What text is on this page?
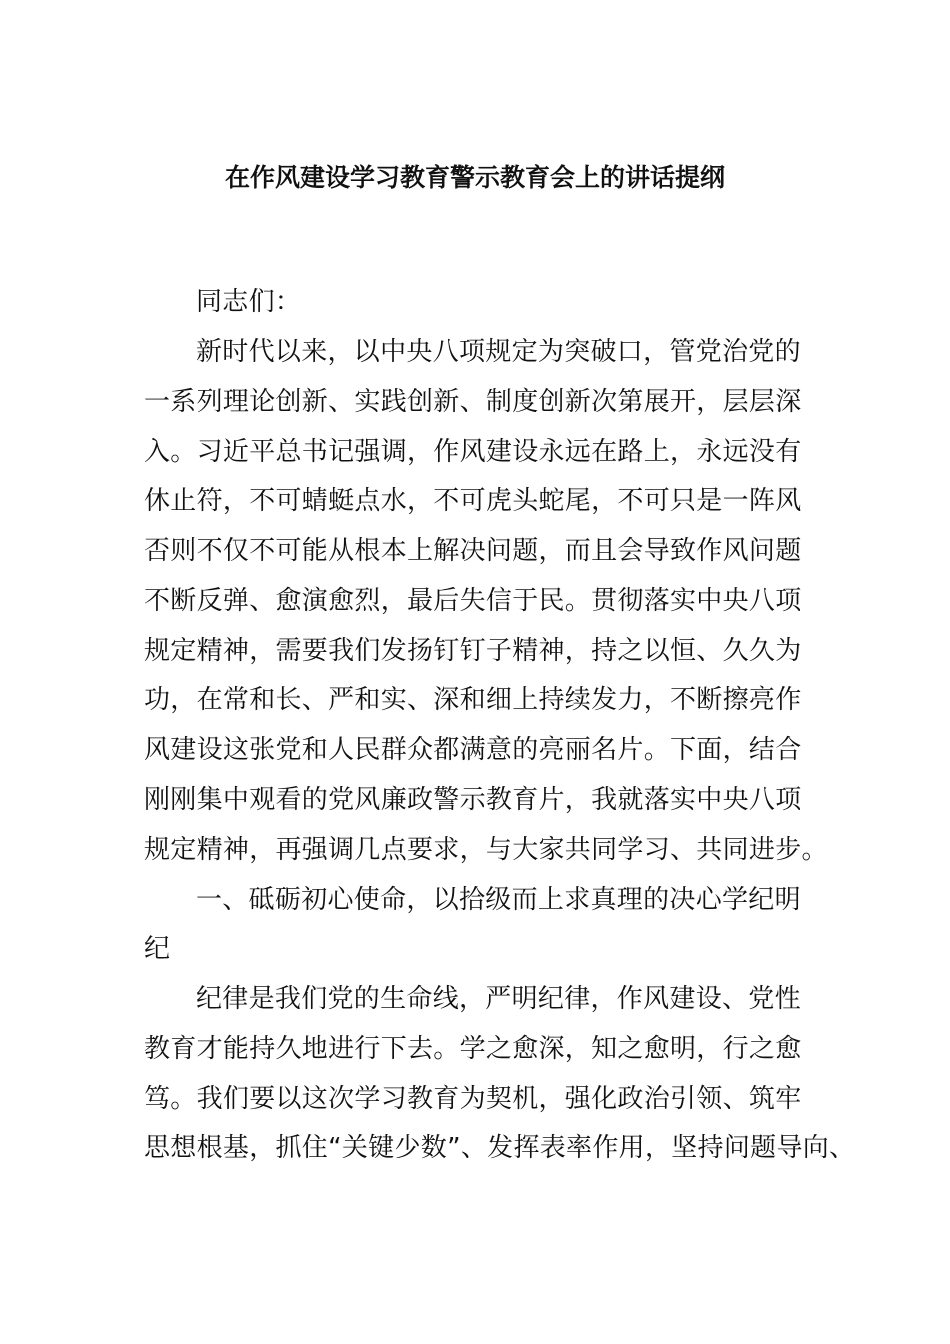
在作风建设学习教育警示教育会上的讲话提纲
同志们：
新时代以来，以中央八项规定为突破口，管党治党的
一系列理论创新、实践创新、制度创新次第展开，层层深
入。习近平总书记强调，作风建设永远在路上，永远没有
休止符，不可蜻蜓点水，不可虎头蛇尾，不可只是一阵风
否则不仅不可能从根本上解决问题，而且会导致作风问题
不断反弹、愈演愈烈，最后失信于民。贯彻落实中央八项
规定精神，需要我们发扬钉钉子精神，持之以恒、久久为
功，在常和长、严和实、深和细上持续发力，不断擦亮作
风建设这张党和人民群众都满意的亮丽名片。下面，结合
刚刚集中观看的党风廉政警示教育片，我就落实中央八项
规定精神，再强调几点要求，与大家共同学习、共同进步。
一、砥砺初心使命，以拾级而上求真理的决心学纪明
纪
纪律是我们党的生命线，严明纪律，作风建设、党性
教育才能持久地进行下去。学之愈深，知之愈明，行之愈
笃。我们要以这次学习教育为契机，强化政治引领、筑牢
思想根基，抓住“关键少数”、发挥表率作用，坚持问题导向、
